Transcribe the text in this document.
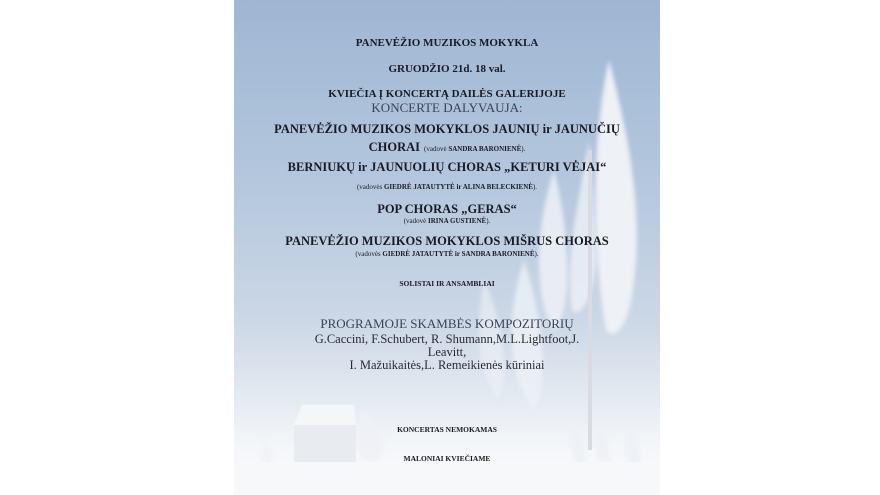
PANEVĖŽIO MUZIKOS MOKYKLA
GRUODŽIO 21d. 18 val.
KVIEČIA Į KONCERTĄ DAILĖS GALERIJOJE
KONCERTE DALYVAUJA:
PANEVĖŽIO MUZIKOS MOKYKLOS JAUNIŲ ir JAUNUČIŲ
CHORAI (vadovė SANDRA BARONIENĖ).
BERNIUKŲ ir JAUNUOLIŲ CHORAS „KETURI VĖJAI“
(vadovės GIEDRĖ JATAUTYTĖ ir ALINA BELECKIENĖ).
POP CHORAS „GERAS“
(vadovė IRINA GUSTIENĖ).
PANEVĖŽIO MUZIKOS MOKYKLOS MIŠRUS CHORAS
(vadovės GIEDRĖ JATAUTYTĖ ir SANDRA BARONIENĖ).
SOLISTAI IR ANSAMBLIAI
PROGRAMOJE SKAMBĖS KOMPOZITORIŲ
G.Caccini, F.Schubert, R. Shumann,M.L.Lightfoot,J.
Leavitt,
I. Mažuikaitės,L. Remeikienės kūriniai
KONCERTAS NEMOKAMAS
MALONIAI KVIEČIAME
